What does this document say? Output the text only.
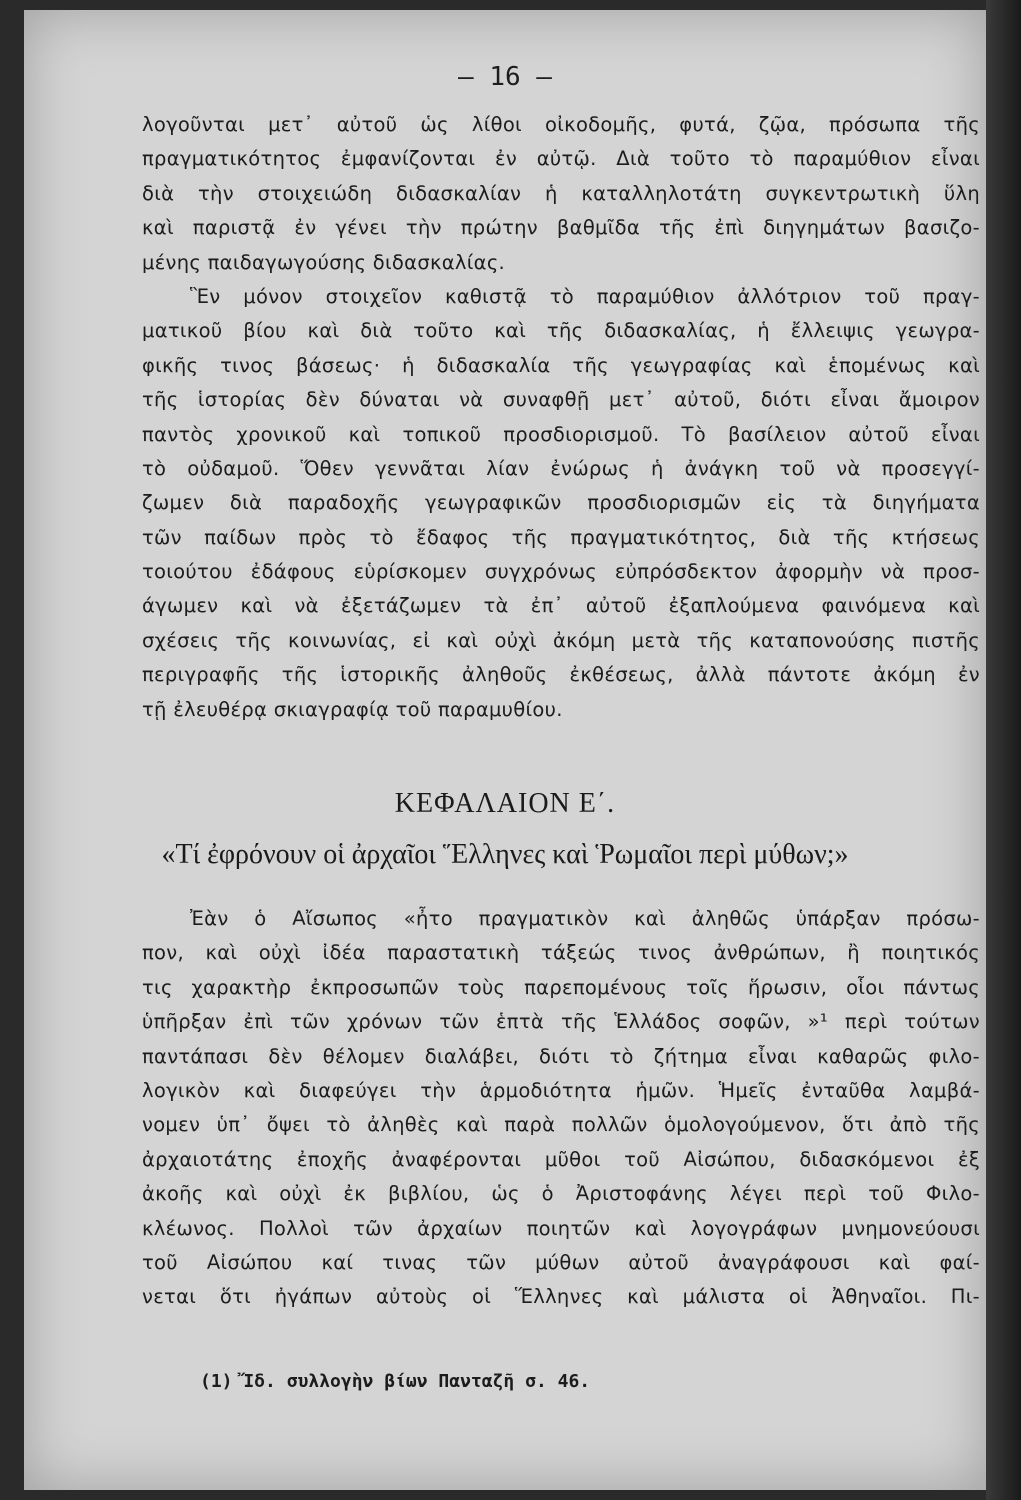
— 16 —
λογοῦνται μετ᾽ αὐτοῦ ὡς λίθοι οἰκοδομῆς, φυτά, ζῷα, πρόσωπα τῆς
πραγματικότητος ἐμφανίζονται ἐν αὐτῷ. Διὰ τοῦτο τὸ παραμύθιον εἶναι
διὰ τὴν στοιχειώδη διδασκαλίαν ἡ καταλληλοτάτη συγκεντρωτικὴ ὕλη
καὶ παριστᾷ ἐν γένει τὴν πρώτην βαθμῖδα τῆς ἐπὶ διηγημάτων βασιζο-
μένης παιδαγωγούσης διδασκαλίας.
Ἓν μόνον στοιχεῖον καθιστᾷ τὸ παραμύθιον ἀλλότριον τοῦ πραγ-
ματικοῦ βίου καὶ διὰ τοῦτο καὶ τῆς διδασκαλίας, ἡ ἔλλειψις γεωγρα-
φικῆς τινος βάσεως· ἡ διδασκαλία τῆς γεωγραφίας καὶ ἑπομένως καὶ
τῆς ἱστορίας δὲν δύναται νὰ συναφθῇ μετ᾽ αὐτοῦ, διότι εἶναι ἄμοιρον
παντὸς χρονικοῦ καὶ τοπικοῦ προσδιορισμοῦ. Τὸ βασίλειον αὐτοῦ εἶναι
τὸ οὐδαμοῦ. Ὅθεν γεννᾶται λίαν ἐνώρως ἡ ἀνάγκη τοῦ νὰ προσεγγί-
ζωμεν διὰ παραδοχῆς γεωγραφικῶν προσδιορισμῶν εἰς τὰ διηγήματα
τῶν παίδων πρὸς τὸ ἔδαφος τῆς πραγματικότητος, διὰ τῆς κτήσεως
τοιούτου ἐδάφους εὑρίσκομεν συγχρόνως εὐπρόσδεκτον ἀφορμὴν νὰ προσ-
άγωμεν καὶ νὰ ἐξετάζωμεν τὰ ἐπ᾽ αὐτοῦ ἐξαπλούμενα φαινόμενα καὶ
σχέσεις τῆς κοινωνίας, εἰ καὶ οὐχὶ ἀκόμη μετὰ τῆς καταπονούσης πιστῆς
περιγραφῆς τῆς ἱστορικῆς ἀληθοῦς ἐκθέσεως, ἀλλὰ πάντοτε ἀκόμη ἐν
τῇ ἐλευθέρᾳ σκιαγραφίᾳ τοῦ παραμυθίου.
ΚΕΦΑΛΑΙΟΝ Ε΄.
«Τί ἐφρόνουν οἱ ἀρχαῖοι Ἕλληνες καὶ Ῥωμαῖοι περὶ μύθων;»
Ἐὰν ὁ Αἴσωπος «ἦτο πραγματικὸν καὶ ἀληθῶς ὑπάρξαν πρόσω-
πον, καὶ οὐχὶ ἰδέα παραστατικὴ τάξεώς τινος ἀνθρώπων, ἢ ποιητικός
τις χαρακτὴρ ἐκπροσωπῶν τοὺς παρεπομένους τοῖς ἥρωσιν, οἷοι πάντως
ὑπῆρξαν ἐπὶ τῶν χρόνων τῶν ἑπτὰ τῆς Ἑλλάδος σοφῶν, »¹ περὶ τούτων
παντάπασι δὲν θέλομεν διαλάβει, διότι τὸ ζήτημα εἶναι καθαρῶς φιλο-
λογικὸν καὶ διαφεύγει τὴν ἁρμοδιότητα ἡμῶν. Ἡμεῖς ἐνταῦθα λαμβά-
νομεν ὑπ᾽ ὄψει τὸ ἀληθὲς καὶ παρὰ πολλῶν ὁμολογούμενον, ὅτι ἀπὸ τῆς
ἀρχαιοτάτης ἐποχῆς ἀναφέρονται μῦθοι τοῦ Αἰσώπου, διδασκόμενοι ἐξ
ἀκοῆς καὶ οὐχὶ ἐκ βιβλίου, ὡς ὁ Ἀριστοφάνης λέγει περὶ τοῦ Φιλο-
κλέωνος. Πολλοὶ τῶν ἀρχαίων ποιητῶν καὶ λογογράφων μνημονεύουσι
τοῦ Αἰσώπου καί τινας τῶν μύθων αὐτοῦ ἀναγράφουσι καὶ φαί-
νεται ὅτι ἠγάπων αὐτοὺς οἱ Ἕλληνες καὶ μάλιστα οἱ Ἀθηναῖοι. Πι-
(1) Ἴδ. συλλογὴν βίων Πανταζῆ σ. 46.
